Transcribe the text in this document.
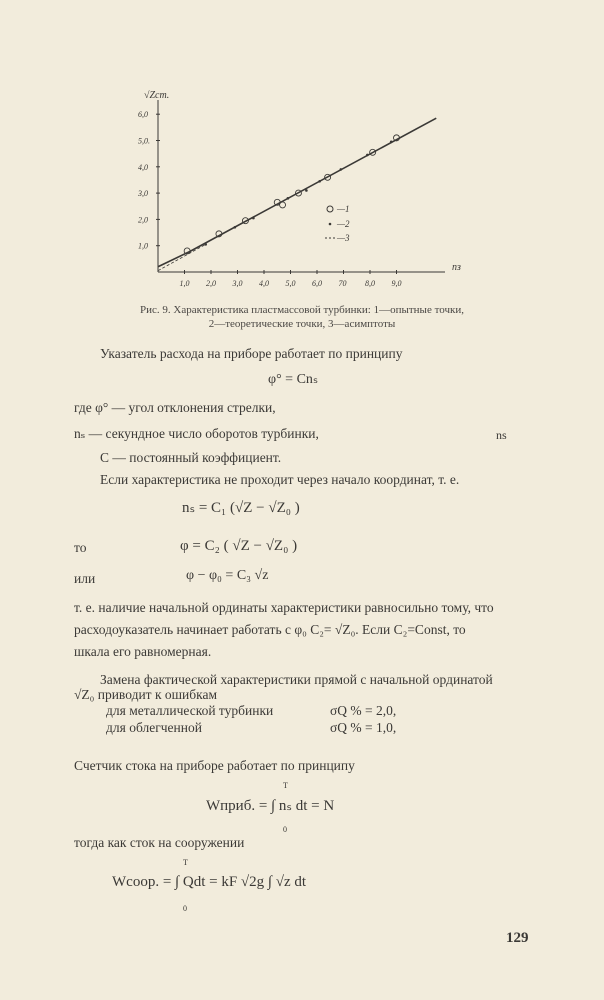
1,0 2,0 3,0 4,0 5,0 6,0 70 8,0 9,0
1,0
2,0
3,0
4,0
5,0.
6,0
√Zcm.
nз
—1
—2
—3
Рис. 9. Характеристика пластмассовой турбинки: 1—опытные точки,
2—теоретические точки, 3—асимптоты
Указатель расхода на приборе работает по принципу
φ° = Cnₛ
где φ° — угол отклонения стрелки,
nₛ — секундное число оборотов турбинки,	ns
C — постоянный коэффициент.
Если характеристика не проходит через начало координат, т. е.
nₛ = C₁ (√Z − √Z₀ )
то	φ = C₂ ( √Z − √Z₀ )
или	φ − φ₀ = C₃ √z
т. е. наличие начальной ординаты характеристики равносильно тому, что
расходоуказатель начинает работать с φ₀ C₂= √Z₀. Если C₂=Const, то
шкала его равномерная.
Замена фактической характеристики прямой с начальной ординатой
√Z₀ приводит к ошибкам
для металлической турбинки	σQ % = 2,0,
для облегченной	σQ % = 1,0,
Счетчик стока на приборе работает по принципу
T
Wприб. = ∫ nₛ dt = N
0
тогда как сток на сооружении
T
Wсоор. = ∫ Qdt = kF √2g ∫ √z dt
0
129
